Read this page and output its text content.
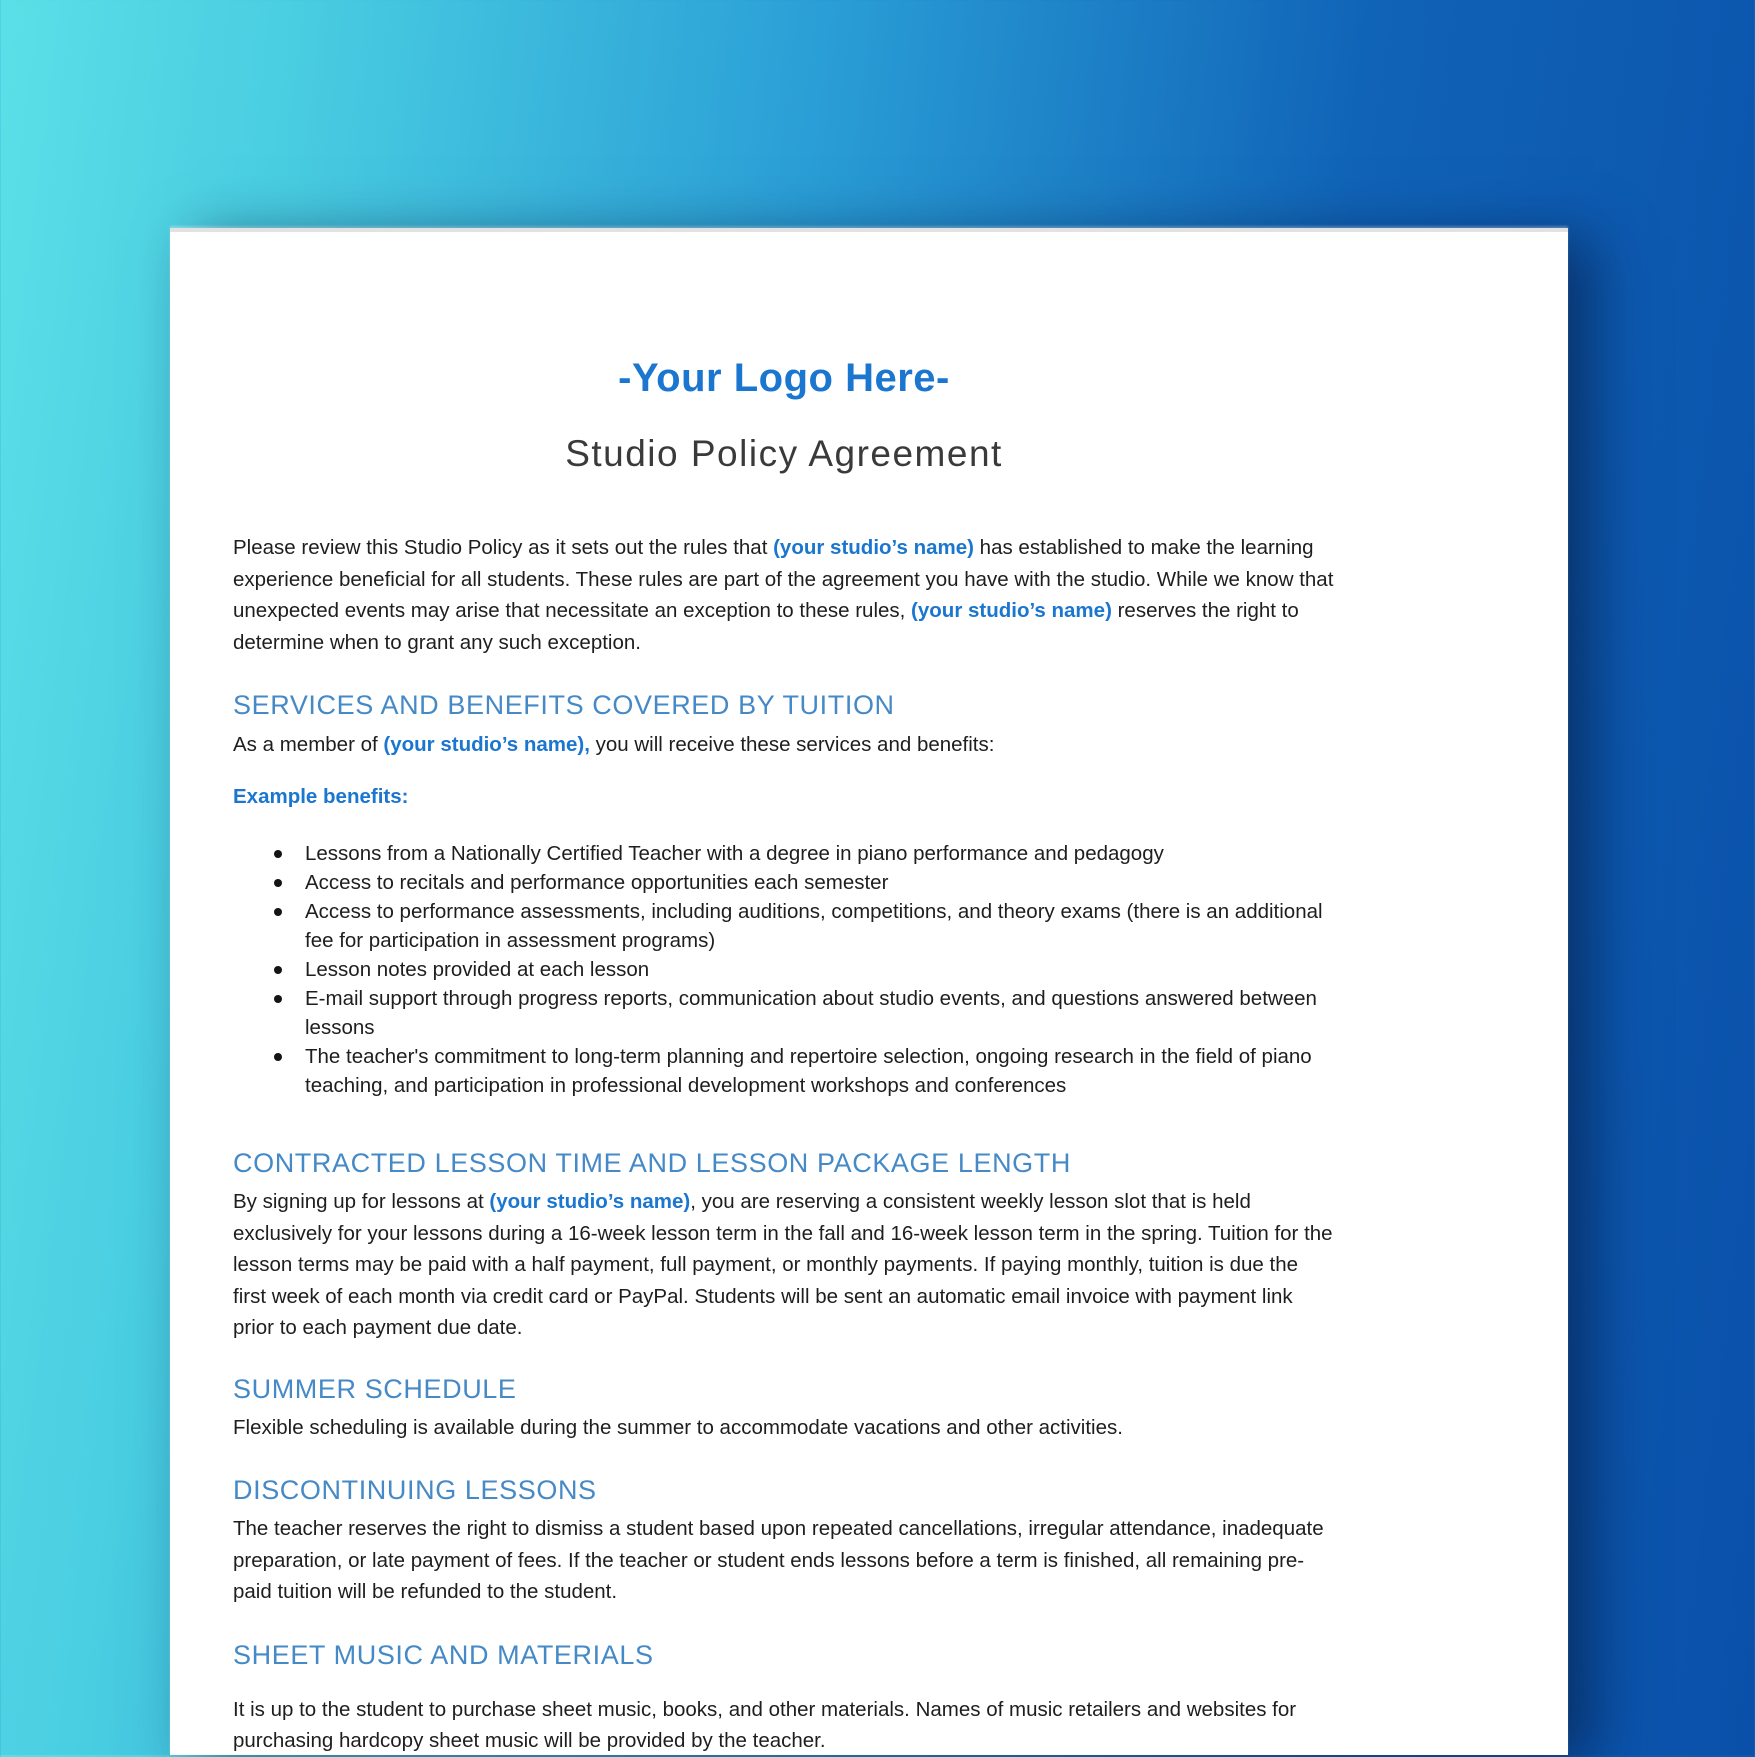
-Your Logo Here-
Studio Policy Agreement

Please review this Studio Policy as it sets out the rules that (your studio’s name) has established to make the learning experience beneficial for all students. These rules are part of the agreement you have with the studio. While we know that unexpected events may arise that necessitate an exception to these rules, (your studio’s name) reserves the right to determine when to grant any such exception.

SERVICES AND BENEFITS COVERED BY TUITION

As a member of (your studio’s name), you will receive these services and benefits:

Example benefits:

Lessons from a Nationally Certified Teacher with a degree in piano performance and pedagogy
Access to recitals and performance opportunities each semester
Access to performance assessments, including auditions, competitions, and theory exams (there is an additional fee for participation in assessment programs)
Lesson notes provided at each lesson
E-mail support through progress reports, communication about studio events, and questions answered between lessons
The teacher's commitment to long-term planning and repertoire selection, ongoing research in the field of piano teaching, and participation in professional development workshops and conferences
CONTRACTED LESSON TIME AND LESSON PACKAGE LENGTH

By signing up for lessons at (your studio’s name), you are reserving a consistent weekly lesson slot that is held exclusively for your lessons during a 16-week lesson term in the fall and 16-week lesson term in the spring. Tuition for the lesson terms may be paid with a half payment, full payment, or monthly payments. If paying monthly, tuition is due the first week of each month via credit card or PayPal. Students will be sent an automatic email invoice with payment link prior to each payment due date.

SUMMER SCHEDULE

Flexible scheduling is available during the summer to accommodate vacations and other activities.

DISCONTINUING LESSONS

The teacher reserves the right to dismiss a student based upon repeated cancellations, irregular attendance, inadequate preparation, or late payment of fees. If the teacher or student ends lessons before a term is finished, all remaining pre-paid tuition will be refunded to the student.

SHEET MUSIC AND MATERIALS

It is up to the student to purchase sheet music, books, and other materials. Names of music retailers and websites for purchasing hardcopy sheet music will be provided by the teacher.
